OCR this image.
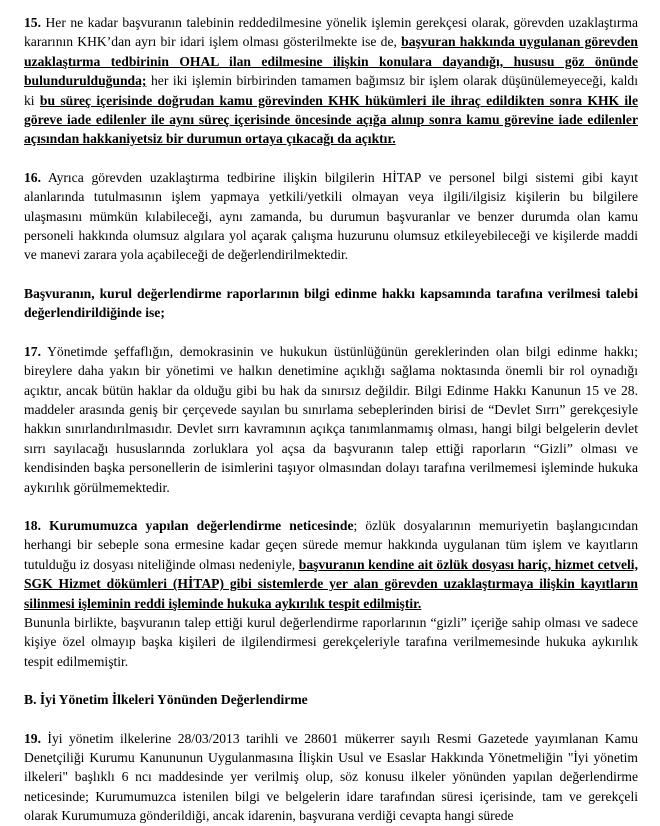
15. Her ne kadar başvuranın talebinin reddedilmesine yönelik işlemin gerekçesi olarak, görevden uzaklaştırma kararının KHK’dan ayrı bir idari işlem olması gösterilmekte ise de, başvuran hakkında uygulanan görevden uzaklaştırma tedbirinin OHAL ilan edilmesine ilişkin konulara dayandığı, hususu göz önünde bulundurulduğunda; her iki işlemin birbirinden tamamen bağımsız bir işlem olarak düşünülemeyeceği, kaldı ki bu süreç içerisinde doğrudan kamu görevinden KHK hükümleri ile ihraç edildikten sonra KHK ile göreve iade edilenler ile aynı süreç içerisinde öncesinde açığa alınıp sonra kamu görevine iade edilenler açısından hakkaniyetsiz bir durumun ortaya çıkacağı da açıktır.

16. Ayrıca görevden uzaklaştırma tedbirine ilişkin bilgilerin HİTAP ve personel bilgi sistemi gibi kayıt alanlarında tutulmasının işlem yapmaya yetkili/yetkili olmayan veya ilgili/ilgisiz kişilerin bu bilgilere ulaşmasını mümkün kılabileceği, aynı zamanda, bu durumun başvuranlar ve benzer durumda olan kamu personeli hakkında olumsuz algılara yol açarak çalışma huzurunu olumsuz etkileyebileceği ve kişilerde maddi ve manevi zarara yola açabileceği de değerlendirilmektedir.

Başvuranın, kurul değerlendirme raporlarının bilgi edinme hakkı kapsamında tarafına verilmesi talebi değerlendirildiğinde ise;

17. Yönetimde şeffaflığın, demokrasinin ve hukukun üstünlüğünün gereklerinden olan bilgi edinme hakkı; bireylere daha yakın bir yönetimi ve halkın denetimine açıklığı sağlama noktasında önemli bir rol oynadığı açıktır, ancak bütün haklar da olduğu gibi bu hak da sınırsız değildir. Bilgi Edinme Hakkı Kanunun 15 ve 28. maddeler arasında geniş bir çerçevede sayılan bu sınırlama sebeplerinden birisi de “Devlet Sırrı” gerekçesiyle hakkın sınırlandırılmasıdır. Devlet sırrı kavramının açıkça tanımlanmamış olması, hangi bilgi belgelerin devlet sırrı sayılacağı hususlarında zorluklara yol açsa da başvuranın talep ettiği raporların “Gizli” olması ve kendisinden başka personellerin de isimlerini taşıyor olmasından dolayı tarafına verilmemesi işleminde hukuka aykırılık görülmemektedir.

18. Kurumumuzca yapılan değerlendirme neticesinde; özlük dosyalarının memuriyetin başlangıcından herhangi bir sebeple sona ermesine kadar geçen sürede memur hakkında uygulanan tüm işlem ve kayıtların tutulduğu iz dosyası niteliğinde olması nedeniyle, başvuranın kendine ait özlük dosyası hariç, hizmet cetveli, SGK Hizmet dökümleri (HİTAP) gibi sistemlerde yer alan görevden uzaklaştırmaya ilişkin kayıtların silinmesi işleminin reddi işleminde hukuka aykırılık tespit edilmiştir.

Bununla birlikte, başvuranın talep ettiği kurul değerlendirme raporlarının “gizli” içeriğe sahip olması ve sadece kişiye özel olmayıp başka kişileri de ilgilendirmesi gerekçeleriyle tarafına verilmemesinde hukuka aykırılık tespit edilmemiştir.

B. İyi Yönetim İlkeleri Yönünden Değerlendirme

19. İyi yönetim ilkelerine 28/03/2013 tarihli ve 28601 mükerrer sayılı Resmi Gazetede yayımlanan Kamu Denetçiliği Kurumu Kanununun Uygulanmasına İlişkin Usul ve Esaslar Hakkında Yönetmeliğin "İyi yönetim ilkeleri" başlıklı 6 ncı maddesinde yer verilmiş olup, söz konusu ilkeler yönünden yapılan değerlendirme neticesinde; Kurumumuzca istenilen bilgi ve belgelerin idare tarafından süresi içerisinde, tam ve gerekçeli olarak Kurumumuza gönderildiği, ancak idarenin, başvurana verdiği cevapta hangi sürede
